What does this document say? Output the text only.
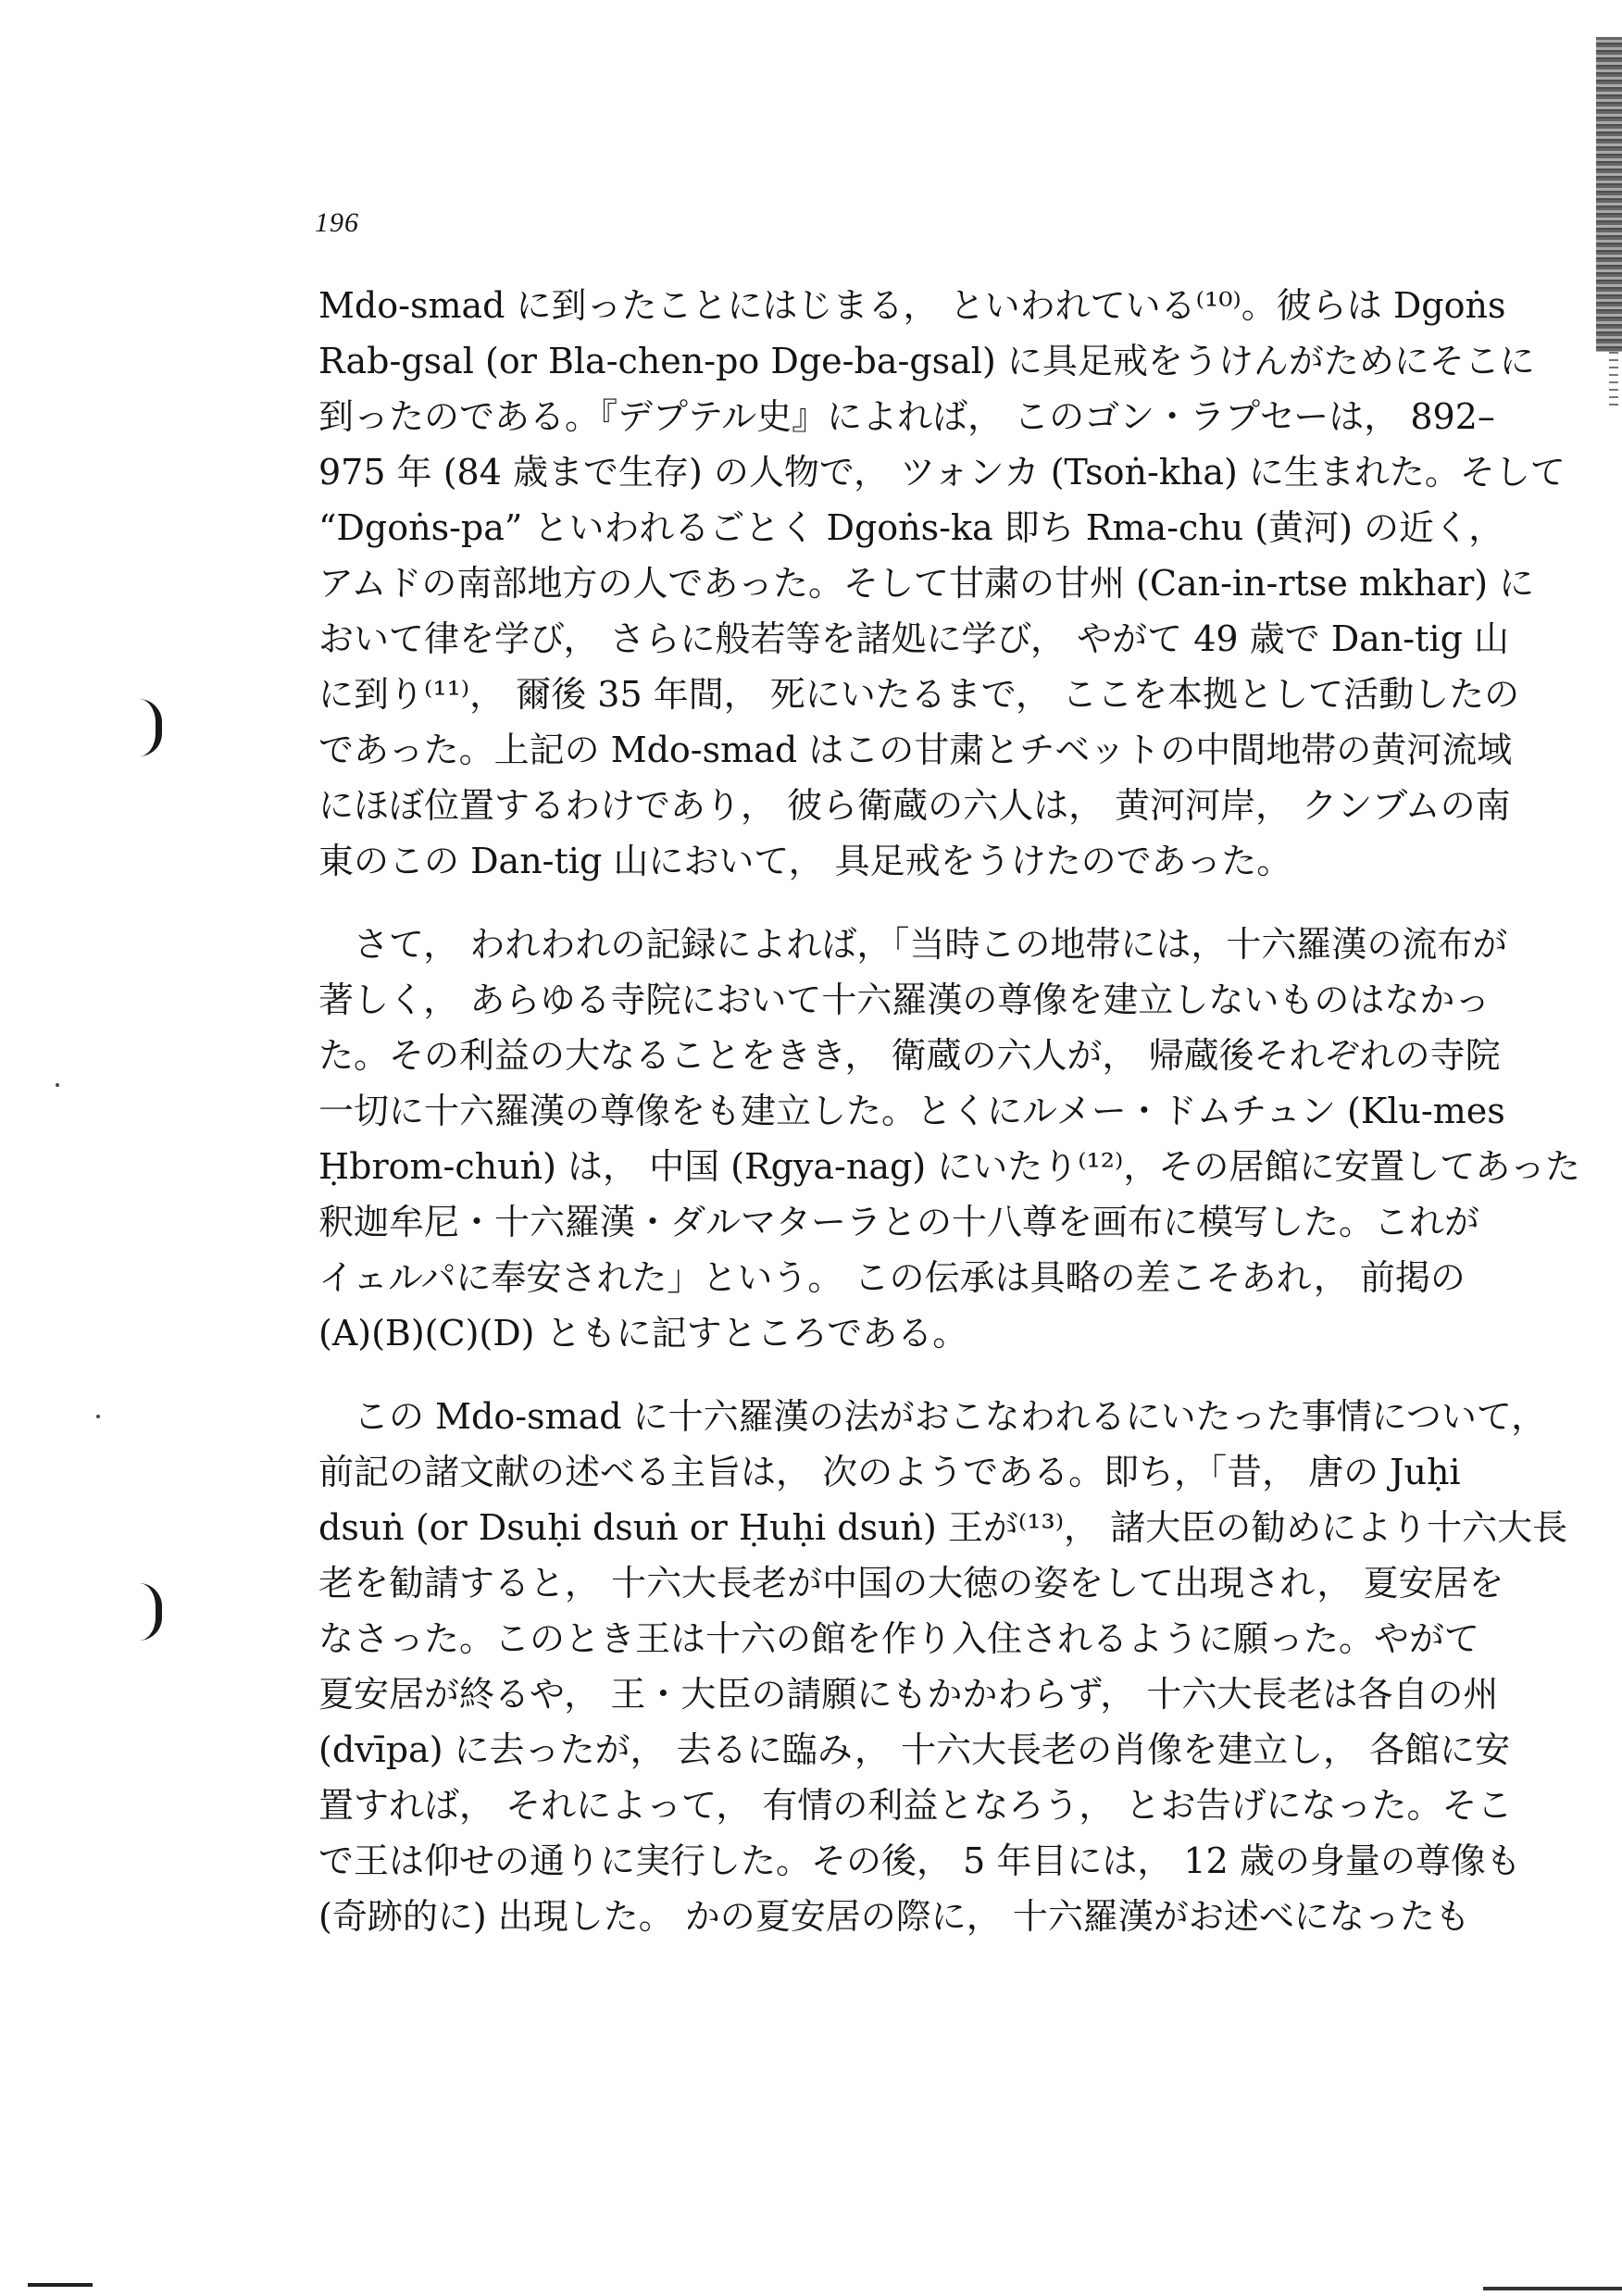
196
Mdo-smad に到ったことにはじまる， といわれている⁽¹⁰⁾。彼らは Dgoṅs
Rab-gsal (or Bla-chen-po Dge-ba-gsal) に具足戒をうけんがためにそこに
到ったのである。『デプテル史』によれば， このゴン・ラプセーは， 892–
975 年 (84 歳まで生存) の人物で， ツォンカ (Tsoṅ-kha) に生まれた。そして
“Dgoṅs-pa” といわれるごとく Dgoṅs-ka 即ち Rma-chu (黄河) の近く，
アムドの南部地方の人であった。そして甘粛の甘州 (Can-in-rtse mkhar) に
おいて律を学び， さらに般若等を諸処に学び， やがて 49 歳で Dan-tig 山
に到り⁽¹¹⁾， 爾後 35 年間， 死にいたるまで， ここを本拠として活動したの
であった。上記の Mdo-smad はこの甘粛とチベットの中間地帯の黄河流域
にほぼ位置するわけであり， 彼ら衛蔵の六人は， 黄河河岸， クンブムの南
東のこの Dan-tig 山において， 具足戒をうけたのであった。
さて， われわれの記録によれば，「当時この地帯には，十六羅漢の流布が
著しく， あらゆる寺院において十六羅漢の尊像を建立しないものはなかっ
た。その利益の大なることをきき， 衛蔵の六人が， 帰蔵後それぞれの寺院
一切に十六羅漢の尊像をも建立した。とくにルメー・ドムチュン (Klu-mes
Ḥbrom-chuṅ) は， 中国 (Rgya-nag) にいたり⁽¹²⁾，その居館に安置してあった
釈迦牟尼・十六羅漢・ダルマターラとの十八尊を画布に模写した。これが
イェルパに奉安された」という。 この伝承は具略の差こそあれ， 前掲の
(A)(B)(C)(D) ともに記すところである。
この Mdo-smad に十六羅漢の法がおこなわれるにいたった事情について，
前記の諸文献の述べる主旨は， 次のようである。即ち，「昔， 唐の Juḥi
dsuṅ (or Dsuḥi dsuṅ or Ḥuḥi dsuṅ) 王が⁽¹³⁾， 諸大臣の勧めにより十六大長
老を勧請すると， 十六大長老が中国の大徳の姿をして出現され， 夏安居を
なさった。このとき王は十六の館を作り入住されるように願った。やがて
夏安居が終るや， 王・大臣の請願にもかかわらず， 十六大長老は各自の州
(dvīpa) に去ったが， 去るに臨み， 十六大長老の肖像を建立し， 各館に安
置すれば， それによって， 有情の利益となろう， とお告げになった。そこ
で王は仰せの通りに実行した。その後， 5 年目には， 12 歳の身量の尊像も
(奇跡的に) 出現した。 かの夏安居の際に， 十六羅漢がお述べになったも
